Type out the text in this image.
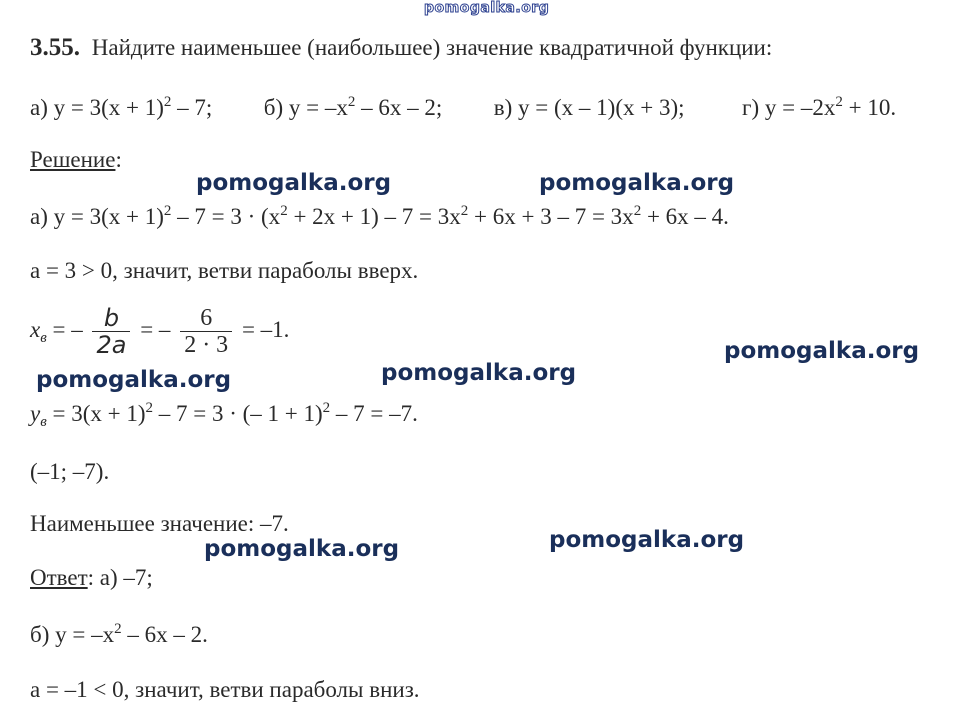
pomogalka.org
3.55. Найдите наименьшее (наибольшее) значение квадратичной функции:
а) $y = 3(x + 1)^2 - 7$; б) $y = -x^2 - 6x - 2$; в) y = (x – 1)(x + 3);	г) $y = -2x^2 + 10$.
Решение:
а) $y = 3(x + 1)^2 - 7 = 3 \cdot (x^2 + 2x + 1) - 7 = 3x^2 + 6x + 3 - 7 = 3x^2 + 6x - 4$.
a = 3 > 0, значит, ветви параболы вверх.
$x_в$ = – $\frac{b}{2a}$ = – $\frac{6}{2 \cdot 3} = -1$.
$y_в = 3(x + 1)^2 - 7 = 3$ · (– 1 + 1)$^2$ – 7 = –7.
(–1; –7).
Наименьшее значение: –7.
Ответ: а) –7;
б) $y = -x^2 - 6x - 2$.
a = –1 < 0, значит, ветви параболы вниз.
pomogalka.org	pomogalka.org
pomogalka.org
pomogalka.org
pomogalka.org
pomogalka.org
pomogalka.org
